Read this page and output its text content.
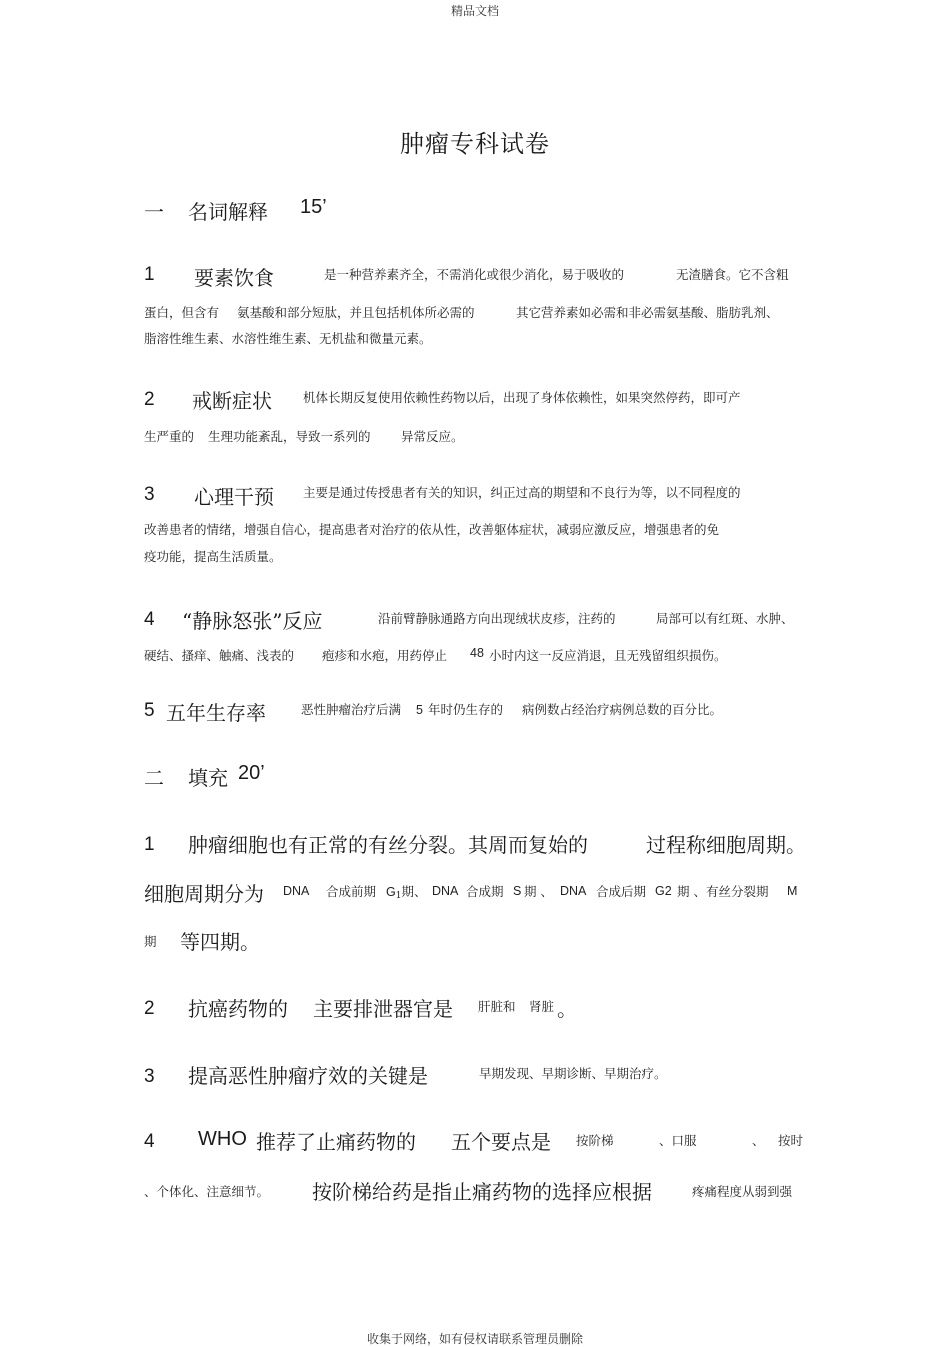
精品文档
肿瘤专科试卷
一 名词解释 15’
1 要素饮食	是一种营养素齐全，不需消化或很少消化，易于吸收的	无渣膳食。它不含粗
蛋白，但含有 氨基酸和部分短肽，并且包括机体所必需的	其它营养素如必需和非必需氨基酸、脂肪乳剂、
脂溶性维生素、水溶性维生素、无机盐和微量元素。
2 戒断症状 机体长期反复使用依赖性药物以后，出现了身体依赖性，如果突然停药，即可产
生严重的 生理功能紊乱，导致一系列的 异常反应。
3 心理干预 主要是通过传授患者有关的知识，纠正过高的期望和不良行为等，以不同程度的
改善患者的情绪，增强自信心，提高患者对治疗的依从性，改善躯体症状，减弱应激反应，增强患者的免
疫功能，提高生活质量。
4 “静脉怒张”反应	沿前臂静脉通路方向出现绒状皮疹，注药的	局部可以有红斑、水肿、
硬结、搔痒、触痛、浅表的 疱疹和水疱，用药停止 48 小时内这一反应消退，且无残留组织损伤。
5 五年生存率	恶性肿瘤治疗后满 5 年时仍生存的 病例数占经治疗病例总数的百分比。
二 填充 20’
1 肿瘤细胞也有正常的有丝分裂。其周而复始的	过程称细胞周期。
细胞周期分为 DNA 合成前期 $G_1$期、 DNA 合成期 S 期 、 DNA 合成后期 G2 期 、有丝分裂期 M
期 等四期。
2 抗癌药物的 主要排泄器官是 肝脏和 肾脏 。
3 提高恶性肿瘤疗效的关键是	早期发现、早期诊断、早期治疗。
4 WHO 推荐了止痛药物的 五个要点是 按阶梯	、口服	、 按时
、个体化、注意细节。 按阶梯给药是指止痛药物的选择应根据	疼痛程度从弱到强
收集于网络，如有侵权请联系管理员删除
